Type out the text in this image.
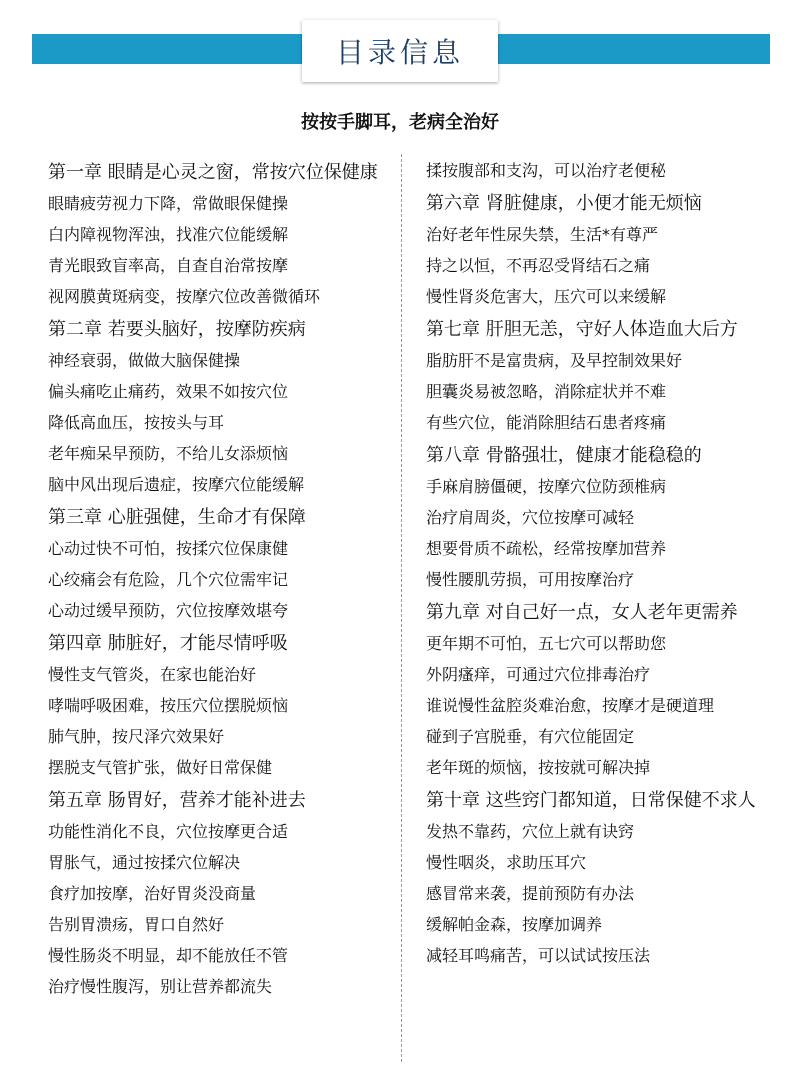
目录信息
按按手脚耳，老病全治好
第一章 眼睛是心灵之窗，常按穴位保健康
眼睛疲劳视力下降，常做眼保健操
白内障视物浑浊，找准穴位能缓解
青光眼致盲率高，自查自治常按摩
视网膜黄斑病变，按摩穴位改善微循环
第二章 若要头脑好，按摩防疾病
神经衰弱，做做大脑保健操
偏头痛吃止痛药，效果不如按穴位
降低高血压，按按头与耳
老年痴呆早预防，不给儿女添烦恼
脑中风出现后遗症，按摩穴位能缓解
第三章 心脏强健，生命才有保障
心动过快不可怕，按揉穴位保康健
心绞痛会有危险，几个穴位需牢记
心动过缓早预防，穴位按摩效堪夸
第四章 肺脏好，才能尽情呼吸
慢性支气管炎，在家也能治好
哮喘呼吸困难，按压穴位摆脱烦恼
肺气肿，按尺泽穴效果好
摆脱支气管扩张，做好日常保健
第五章 肠胃好，营养才能补进去
功能性消化不良，穴位按摩更合适
胃胀气，通过按揉穴位解决
食疗加按摩，治好胃炎没商量
告别胃溃疡，胃口自然好
慢性肠炎不明显，却不能放任不管
治疗慢性腹泻，别让营养都流失
揉按腹部和支沟，可以治疗老便秘
第六章 肾脏健康，小便才能无烦恼
治好老年性尿失禁，生活*有尊严
持之以恒，不再忍受肾结石之痛
慢性肾炎危害大，压穴可以来缓解
第七章 肝胆无恙，守好人体造血大后方
脂肪肝不是富贵病，及早控制效果好
胆囊炎易被忽略，消除症状并不难
有些穴位，能消除胆结石患者疼痛
第八章 骨骼强壮，健康才能稳稳的
手麻肩膀僵硬，按摩穴位防颈椎病
治疗肩周炎，穴位按摩可减轻
想要骨质不疏松，经常按摩加营养
慢性腰肌劳损，可用按摩治疗
第九章 对自己好一点，女人老年更需养
更年期不可怕，五七穴可以帮助您
外阴瘙痒，可通过穴位排毒治疗
谁说慢性盆腔炎难治愈，按摩才是硬道理
碰到子宫脱垂，有穴位能固定
老年斑的烦恼，按按就可解决掉
第十章 这些窍门都知道，日常保健不求人
发热不靠药，穴位上就有诀窍
慢性咽炎，求助压耳穴
感冒常来袭，提前预防有办法
缓解帕金森，按摩加调养
减轻耳鸣痛苦，可以试试按压法
